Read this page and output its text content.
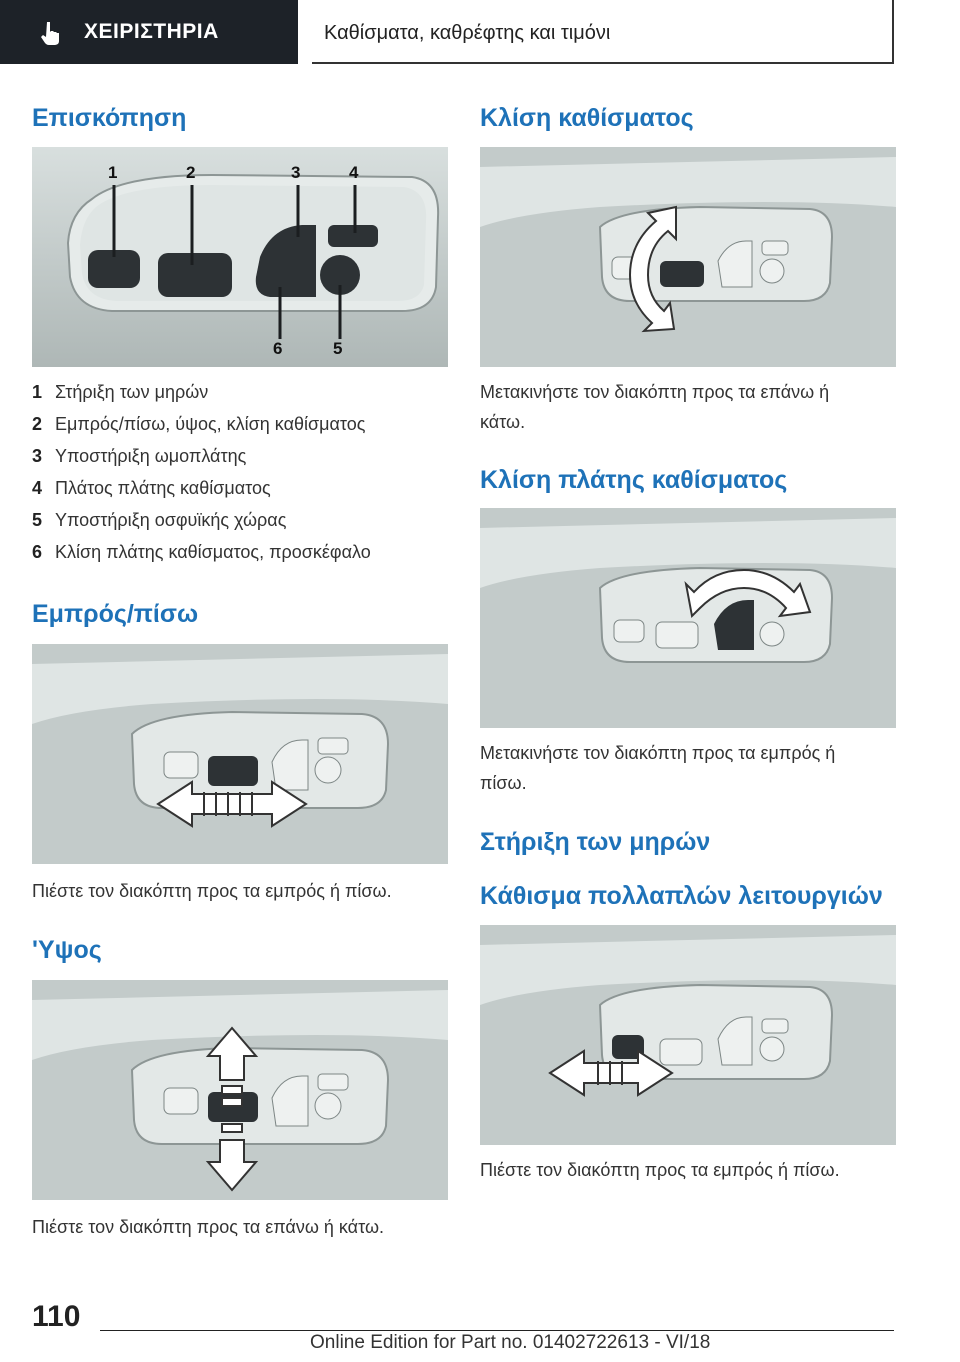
ΧΕΙΡΙΣΤΗΡΙΑ	Καθίσματα, καθρέφτης και τιμόνι
Επισκόπηση
1	2	3	4
5
6
1 Στήριξη των μηρών
2 Εμπρός/πίσω, ύψος, κλίση καθίσματος
3 Υποστήριξη ωμοπλάτης
4 Πλάτος πλάτης καθίσματος
5 Υποστήριξη οσφυϊκής χώρας
6 Κλίση πλάτης καθίσματος, προσκέφαλο
Εμπρός/πίσω
Πιέστε τον διακόπτη προς τα εμπρός ή πίσω.
'Υψος
Πιέστε τον διακόπτη προς τα επάνω ή κάτω.
Κλίση καθίσματος
Μετακινήστε τον διακόπτη προς τα επάνω ή
κάτω.
Κλίση πλάτης καθίσματος
Μετακινήστε τον διακόπτη προς τα εμπρός ή
πίσω.
Στήριξη των μηρών
Κάθισμα πολλαπλών λειτουργιών
Πιέστε τον διακόπτη προς τα εμπρός ή πίσω.
110
Online Edition for Part no. 01402722613 - VI/18
